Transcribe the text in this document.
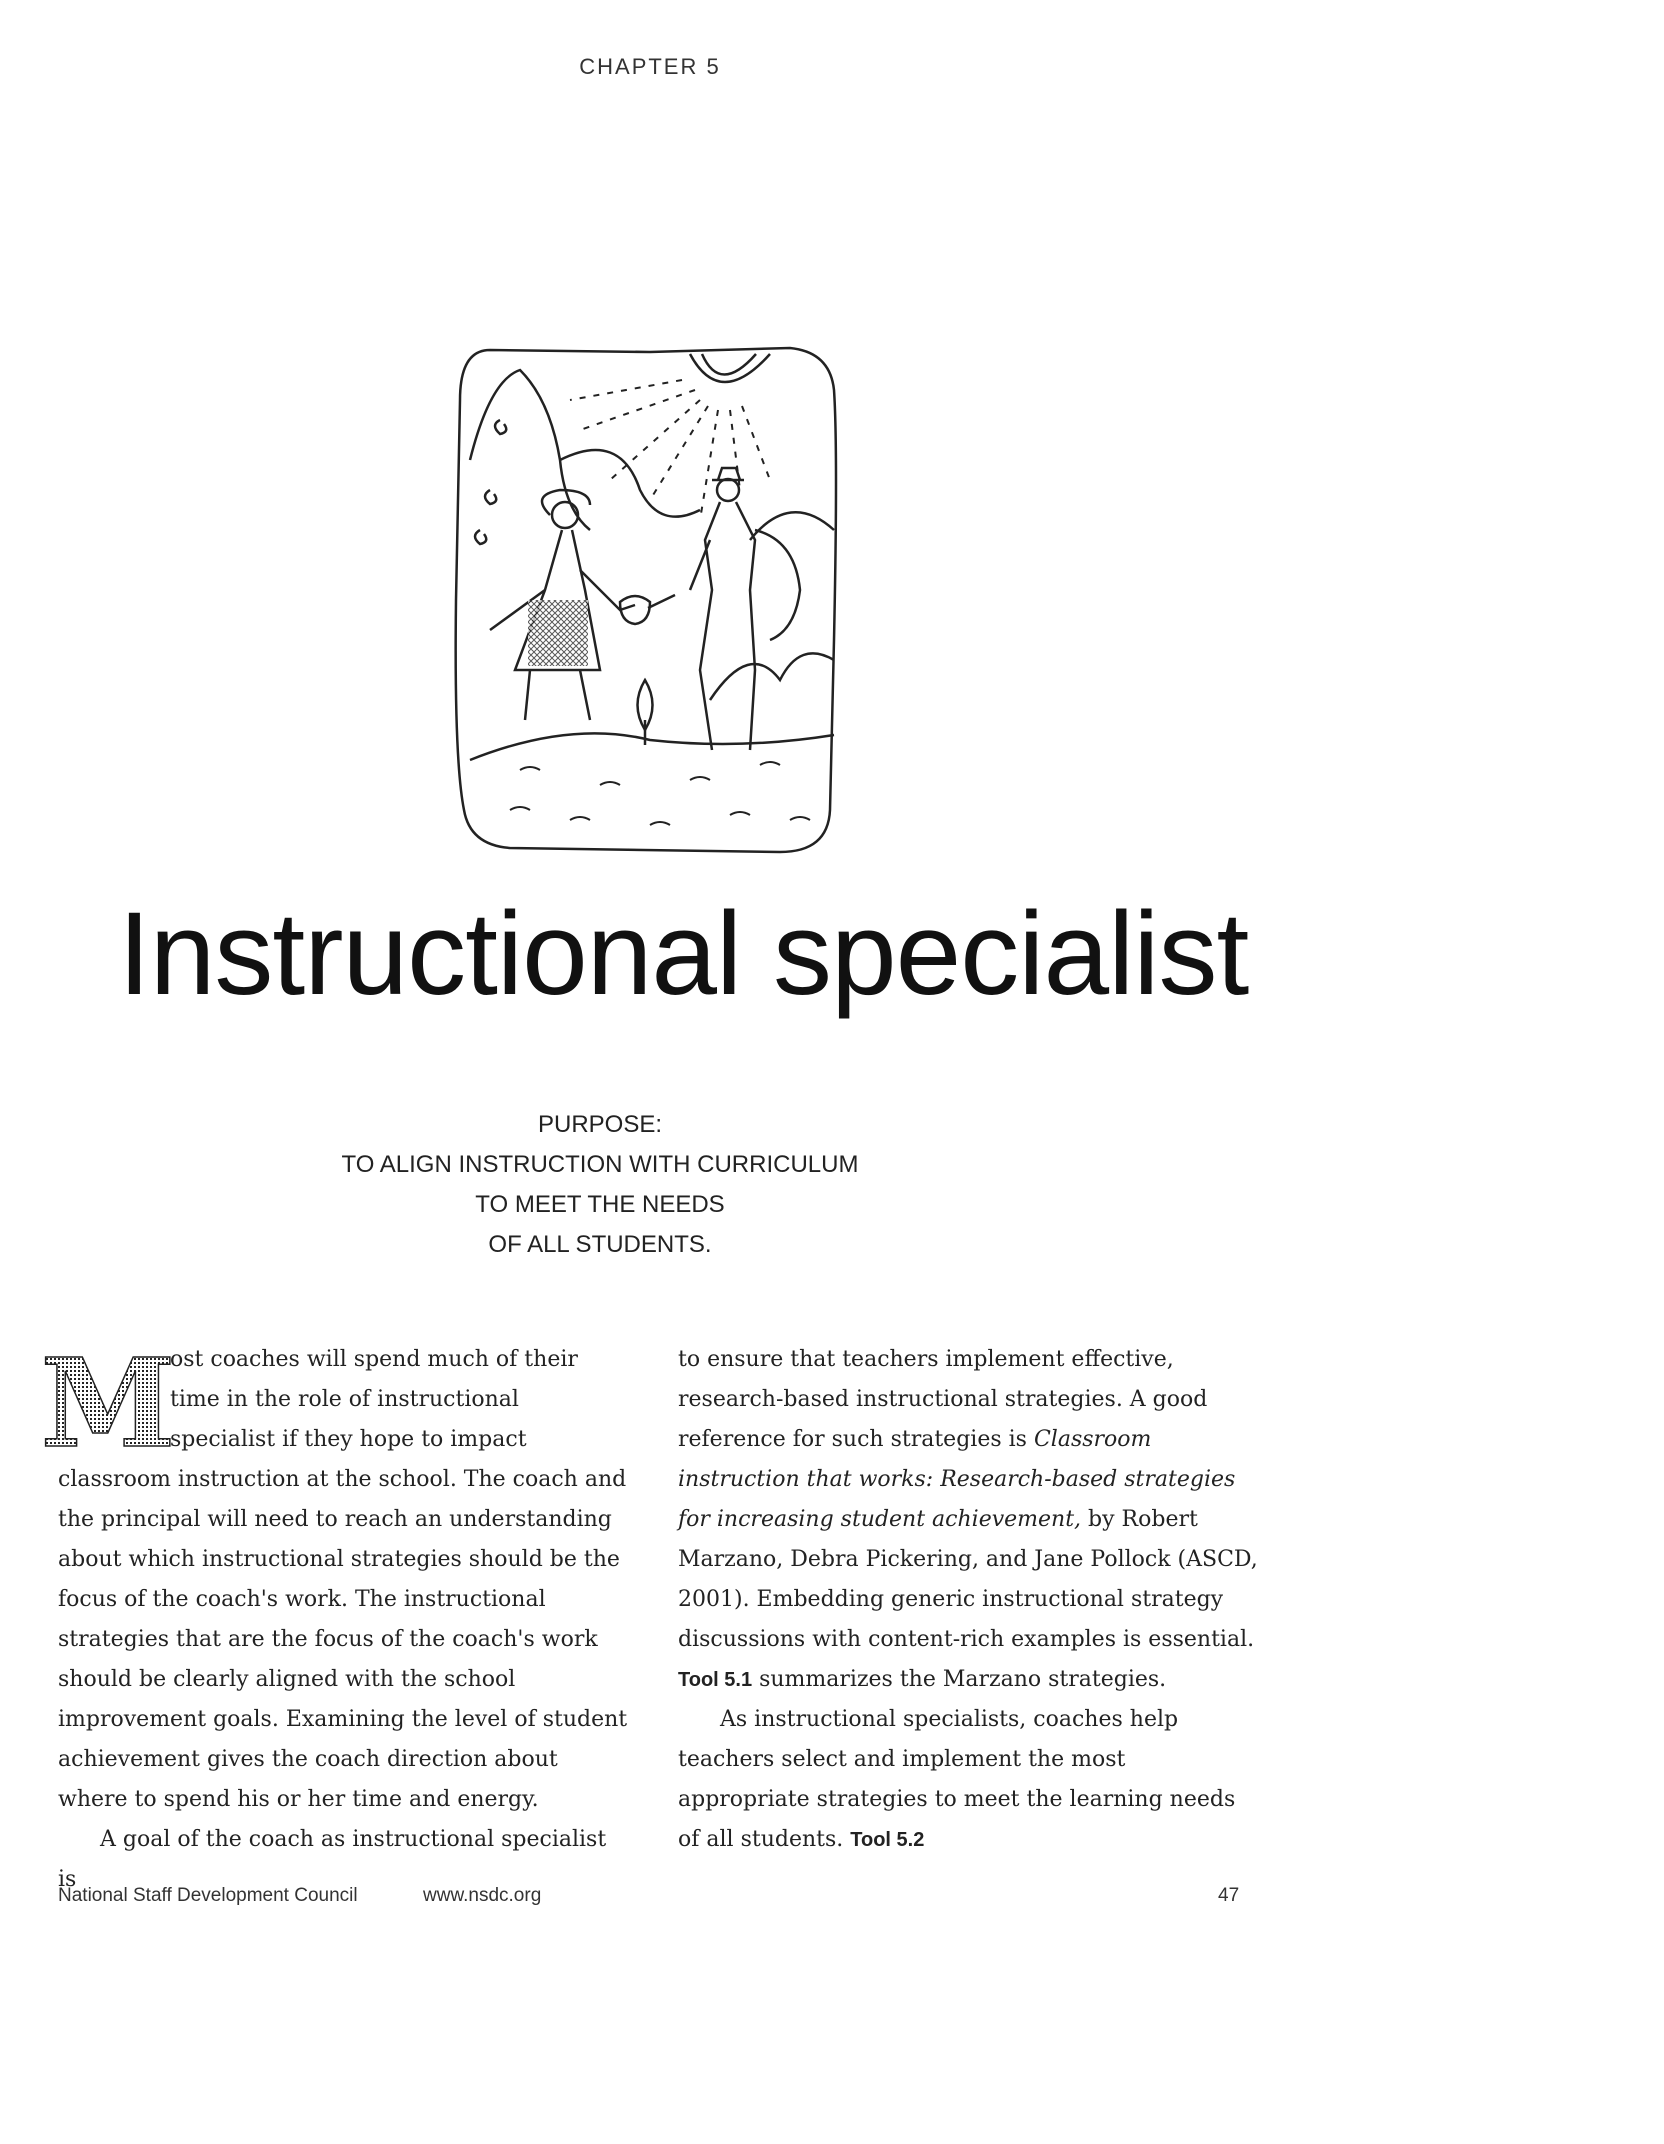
CHAPTER 5
Instructional specialist
PURPOSE:
TO ALIGN INSTRUCTION WITH CURRICULUM
TO MEET THE NEEDS
OF ALL STUDENTS.
M

ost coaches will spend much of their time in the role of instructional specialist if they hope to impact classroom instruction at the school. The coach and the principal will need to reach an understanding about which instructional strategies should be the focus of the coach's work. The instructional strategies that are the focus of the coach's work should be clearly aligned with the school improvement goals. Examining the level of student achievement gives the coach direction about where to spend his or her time and energy.

A goal of the coach as instructional specialist is

to ensure that teachers implement effective, research-based instructional strategies. A good reference for such strategies is Classroom instruction that works: Research-based strategies for increasing student achievement, by Robert Marzano, Debra Pickering, and Jane Pollock (ASCD, 2001). Embedding generic instructional strategy discussions with content-rich examples is essential. Tool 5.1 summarizes the Marzano strategies.

As instructional specialists, coaches help teachers select and implement the most appropriate strategies to meet the learning needs of all students. Tool 5.2

National Staff Development Council	www.nsdc.org	47
